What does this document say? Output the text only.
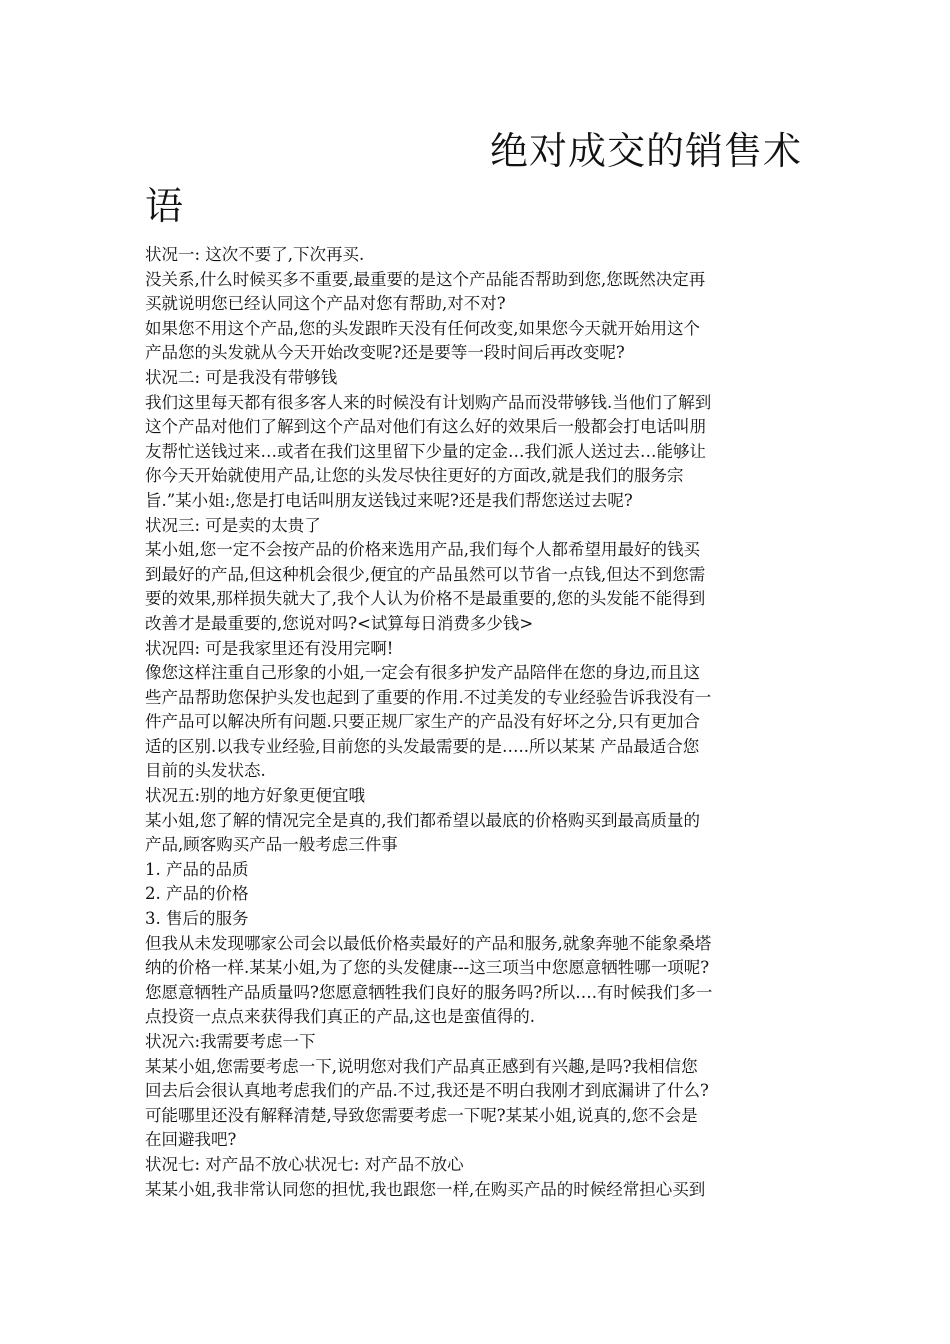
绝对成交的销售术
语
状况一: 这次不要了,下次再买.
没关系,什么时候买多不重要,最重要的是这个产品能否帮助到您,您既然决定再
买就说明您已经认同这个产品对您有帮助,对不对?
如果您不用这个产品,您的头发跟昨天没有任何改变,如果您今天就开始用这个
产品您的头发就从今天开始改变呢?还是要等一段时间后再改变呢?
状况二: 可是我没有带够钱
我们这里每天都有很多客人来的时候没有计划购产品而没带够钱.当他们了解到
这个产品对他们了解到这个产品对他们有这么好的效果后一般都会打电话叫朋
友帮忙送钱过来…或者在我们这里留下少量的定金…我们派人送过去…能够让
你今天开始就使用产品,让您的头发尽快往更好的方面改,就是我们的服务宗
旨.”某小姐:,您是打电话叫朋友送钱过来呢?还是我们帮您送过去呢?
状况三: 可是卖的太贵了
某小姐,您一定不会按产品的价格来选用产品,我们每个人都希望用最好的钱买
到最好的产品,但这种机会很少,便宜的产品虽然可以节省一点钱,但达不到您需
要的效果,那样损失就大了,我个人认为价格不是最重要的,您的头发能不能得到
改善才是最重要的,您说对吗?<试算每日消费多少钱>
状况四: 可是我家里还有没用完啊!
像您这样注重自己形象的小姐,一定会有很多护发产品陪伴在您的身边,而且这
些产品帮助您保护头发也起到了重要的作用.不过美发的专业经验告诉我没有一
件产品可以解决所有问题.只要正规厂家生产的产品没有好坏之分,只有更加合
适的区别.以我专业经验,目前您的头发最需要的是…..所以某某 产品最适合您
目前的头发状态.
状况五:别的地方好象更便宜哦
某小姐,您了解的情况完全是真的,我们都希望以最底的价格购买到最高质量的
产品,顾客购买产品一般考虑三件事
1. 产品的品质
2. 产品的价格
3. 售后的服务
但我从未发现哪家公司会以最低价格卖最好的产品和服务,就象奔驰不能象桑塔
纳的价格一样.某某小姐,为了您的头发健康---这三项当中您愿意牺牲哪一项呢?
您愿意牺牲产品质量吗?您愿意牺牲我们良好的服务吗?所以….有时候我们多一
点投资一点点来获得我们真正的产品,这也是蛮值得的.
状况六:我需要考虑一下
某某小姐,您需要考虑一下,说明您对我们产品真正感到有兴趣,是吗?我相信您
回去后会很认真地考虑我们的产品.不过,我还是不明白我刚才到底漏讲了什么?
可能哪里还没有解释清楚,导致您需要考虑一下呢?某某小姐,说真的,您不会是
在回避我吧?
状况七: 对产品不放心状况七: 对产品不放心
某某小姐,我非常认同您的担忧,我也跟您一样,在购买产品的时候经常担心买到
